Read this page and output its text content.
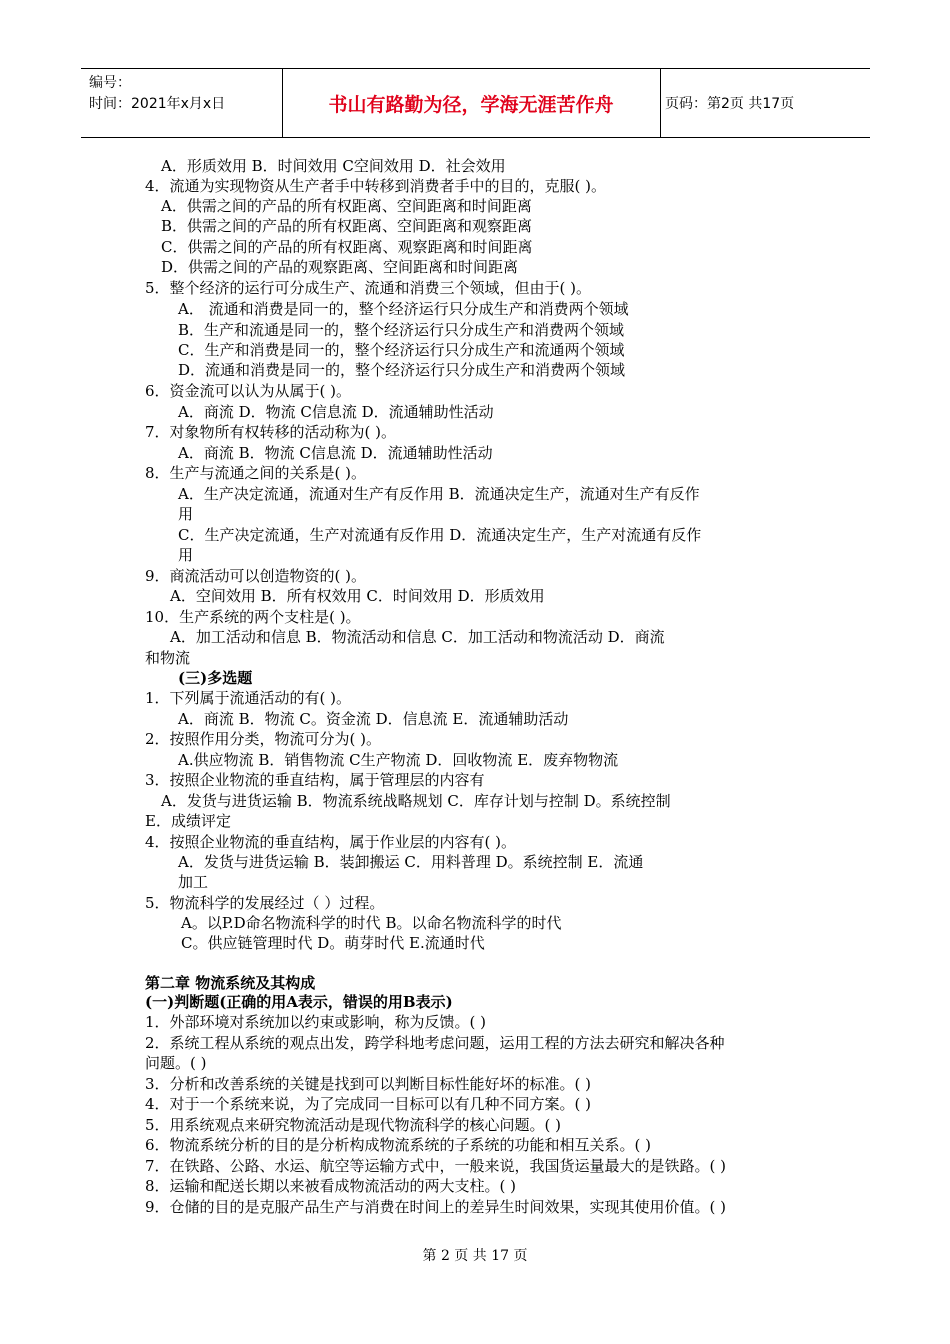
编号：
时间：2021年x月x日	书山有路勤为径，学海无涯苦作舟	页码：第2页 共17页
A．形质效用 B．时间效用 C空间效用 D．社会效用
4．流通为实现物资从生产者手中转移到消费者手中的目的，克服( )。
A．供需之间的产品的所有权距离、空间距离和时间距离
B．供需之间的产品的所有权距离、空间距离和观察距离
C．供需之间的产品的所有权距离、观察距离和时间距离
D．供需之间的产品的观察距离、空间距离和时间距离
5．整个经济的运行可分成生产、流通和消费三个领域，但由于( )。
A． 流通和消费是同一的，整个经济运行只分成生产和消费两个领域
B．生产和流通是同一的，整个经济运行只分成生产和消费两个领域
C．生产和消费是同一的，整个经济运行只分成生产和流通两个领域
D．流通和消费是同一的，整个经济运行只分成生产和消费两个领域
6．资金流可以认为从属于( )。
A．商流 D．物流 C信息流 D．流通辅助性活动
7．对象物所有权转移的活动称为( )。
A．商流 B．物流 C信息流 D．流通辅助性活动
8．生产与流通之间的关系是( )。
A．生产决定流通，流通对生产有反作用 B．流通决定生产，流通对生产有反作
用
C．生产决定流通，生产对流通有反作用 D．流通决定生产，生产对流通有反作
用
9．商流活动可以创造物资的( )。
A．空间效用 B．所有权效用 C．时间效用 D．形质效用
10．生产系统的两个支柱是( )。
A．加工活动和信息 B．物流活动和信息 C．加工活动和物流活动 D．商流
和物流
(三)多选题
1．下列属于流通活动的有( )。
A．商流 B．物流 C。资金流 D．信息流 E．流通辅助活动
2．按照作用分类，物流可分为( )。
A.供应物流 B．销售物流 C生产物流 D．回收物流 E．废弃物物流
3．按照企业物流的垂直结构，属于管理层的内容有
A．发货与进货运输 B．物流系统战略规划 C．库存计划与控制 D。系统控制
E．成绩评定
4．按照企业物流的垂直结构，属于作业层的内容有( )。
A．发货与进货运输 B．装卸搬运 C．用料普理 D。系统控制 E．流通
加工
5．物流科学的发展经过（ ）过程。
A。以P.D命名物流科学的时代 B。以命名物流科学的时代
C。供应链管理时代 D。萌芽时代 E.流通时代
第二章 物流系统及其构成
(一)判断题(正确的用A表示，错误的用B表示)
1．外部环境对系统加以约束或影响，称为反馈。( )
2．系统工程从系统的观点出发，跨学科地考虑问题，运用工程的方法去研究和解决各种
问题。( )
3．分析和改善系统的关键是找到可以判断目标性能好坏的标准。( )
4．对于一个系统来说，为了完成同一目标可以有几种不同方案。( )
5．用系统观点来研究物流活动是现代物流科学的核心问题。( )
6．物流系统分析的目的是分析构成物流系统的子系统的功能和相互关系。( )
7．在铁路、公路、水运、航空等运输方式中，一般来说，我国货运量最大的是铁路。( )
8．运输和配送长期以来被看成物流活动的两大支柱。( )
9．仓储的目的是克服产品生产与消费在时间上的差异生时间效果，实现其使用价值。( )
第 2 页 共 17 页
